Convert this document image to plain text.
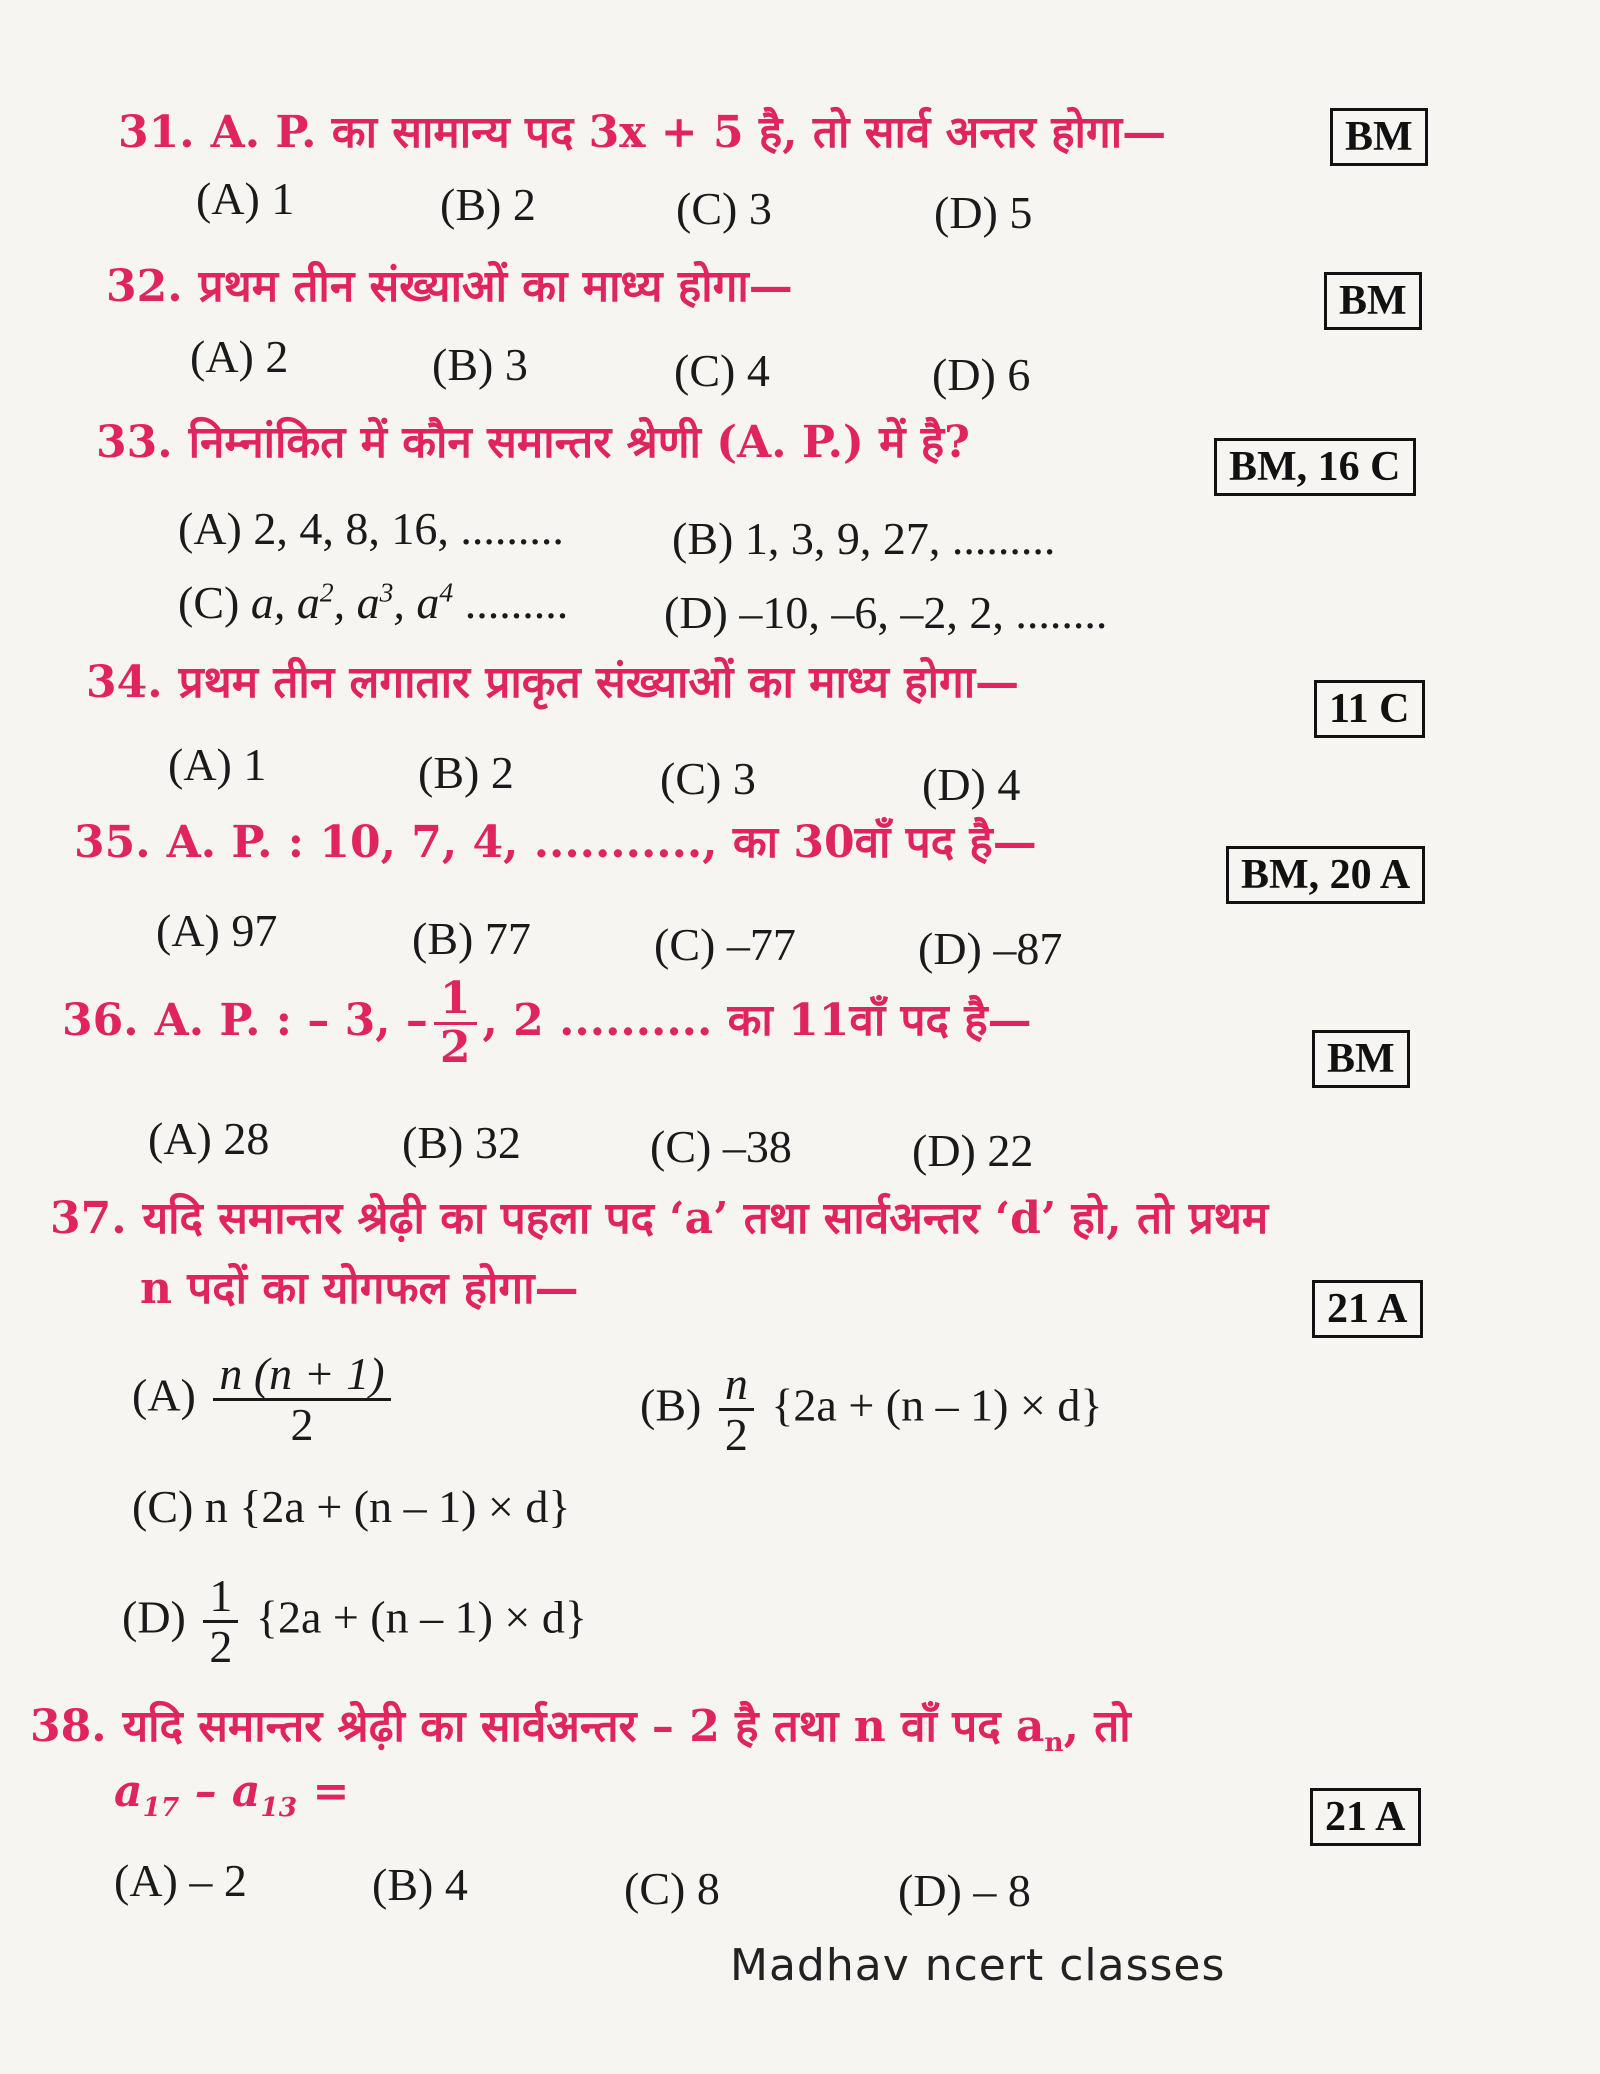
31. A. P. का सामान्य पद 3x + 5 है, तो सार्व अन्तर होगा—	BM
(A) 1	(B) 2	(C) 3	(D) 5
32. प्रथम तीन संख्याओं का माध्य होगा—	BM
(A) 2	(B) 3	(C) 4	(D) 6
33. निम्नांकित में कौन समान्तर श्रेणी (A. P.) में है?	BM, 16 C
(A) 2, 4, 8, 16, ......... (B) 1, 3, 9, 27, .........
(C) a, $a^2$, $a^3$, $a^4$ ......... (D) –10, –6, –2, 2, ........
34. प्रथम तीन लगातार प्राकृत संख्याओं का माध्य होगा—
11 C
(A) 1	(B) 2	(C) 3	(D) 4
35. A. P. : 10, 7, 4, ..........., का 30वाँ पद है—
BM, 20 A
(A) 97	(B) 77	(C) –77	(D) –87
36. A. P. : – 3, – $\frac{1}{2}$ , 2 .......... का 11वाँ पद है—
BM
(A) 28	(B) 32	(C) –38	(D) 22
37. यदि समान्तर श्रेढ़ी का पहला पद ‘a’ तथा सार्वअन्तर ‘d’ हो, तो प्रथम
n पदों का योगफल होगा—	21 A
$(A) \frac{n (n + 1)}{2}$	$(B) \frac{n}{2} \{2a + (n - 1) \times d\}$
(C) n {2a + (n – 1) × d}
$(D) \frac{1}{2} \{2a + (n - 1) \times d\}$
38. यदि समान्तर श्रेढ़ी का सार्वअन्तर – 2 है तथा n वाँ पद $a_n$, तो
$a_{17} - a_{13}$ =	21 A
(A) – 2	(B) 4	(C) 8	(D) – 8
Madhav ncert classes
